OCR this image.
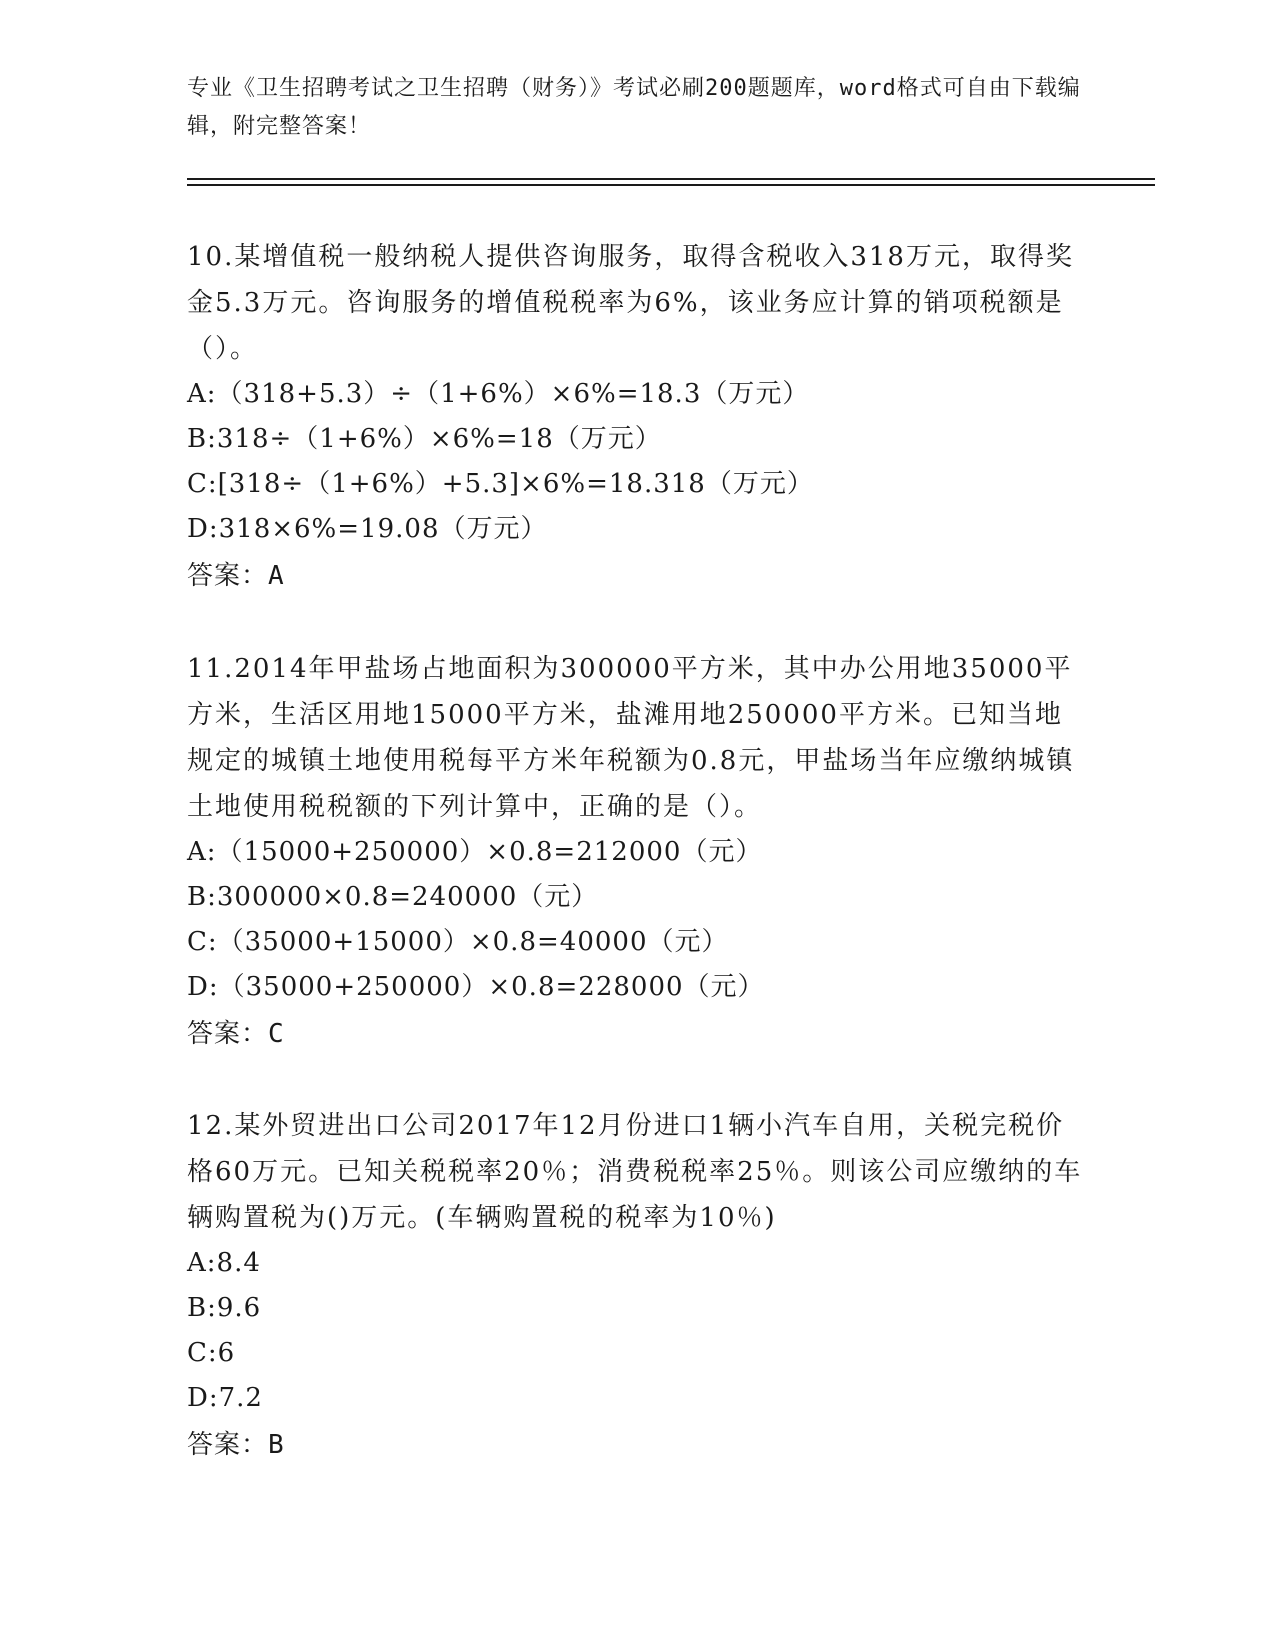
专业《卫生招聘考试之卫生招聘（财务）》考试必刷200题题库，word格式可自由下载编辑，附完整答案！

10.某增值税一般纳税人提供咨询服务，取得含税收入318万元，取得奖金5.3万元。咨询服务的增值税税率为6%，该业务应计算的销项税额是（）。

A:（318+5.3）÷（1+6%）×6%=18.3（万元）

B:318÷（1+6%）×6%=18（万元）

C:[318÷（1+6%）+5.3]×6%=18.318（万元）

D:318×6%=19.08（万元）

答案：A

11.2014年甲盐场占地面积为300000平方米，其中办公用地35000平方米，生活区用地15000平方米，盐滩用地250000平方米。已知当地规定的城镇土地使用税每平方米年税额为0.8元，甲盐场当年应缴纳城镇土地使用税税额的下列计算中，正确的是（）。

A:（15000+250000）×0.8=212000（元）

B:300000×0.8=240000（元）

C:（35000+15000）×0.8=40000（元）

D:（35000+250000）×0.8=228000（元）

答案：C

12.某外贸进出口公司2017年12月份进口1辆小汽车自用，关税完税价格60万元。已知关税税率20％；消费税税率25％。则该公司应缴纳的车辆购置税为()万元。(车辆购置税的税率为10％)

A:8.4

B:9.6

C:6

D:7.2

答案：B
